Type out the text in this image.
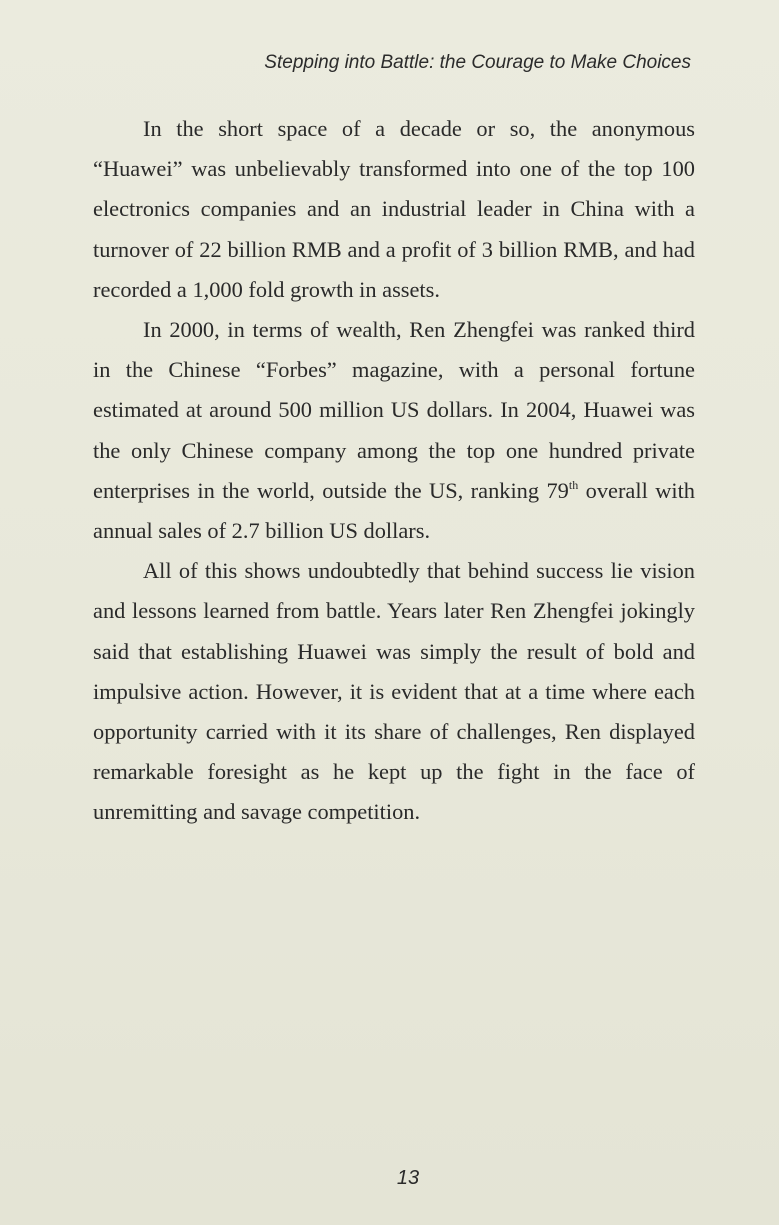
Stepping into Battle: the Courage to Make Choices

In the short space of a decade or so, the anonymous “Huawei” was unbelievably transformed into one of the top 100 electronics companies and an industrial leader in China with a turnover of 22 billion RMB and a profit of 3 billion RMB, and had recorded a 1,000 fold growth in assets.

In 2000, in terms of wealth, Ren Zhengfei was ranked third in the Chinese “Forbes” magazine, with a personal fortune estimated at around 500 million US dollars. In 2004, Huawei was the only Chinese company among the top one hundred private enterprises in the world, outside the US, ranking 79th overall with annual sales of 2.7 billion US dollars.

All of this shows undoubtedly that behind success lie vision and lessons learned from battle. Years later Ren Zhengfei jokingly said that establishing Huawei was simply the result of bold and impulsive action. However, it is evident that at a time where each opportunity carried with it its share of challenges, Ren displayed remarkable foresight as he kept up the fight in the face of unremitting and savage competition.

13
